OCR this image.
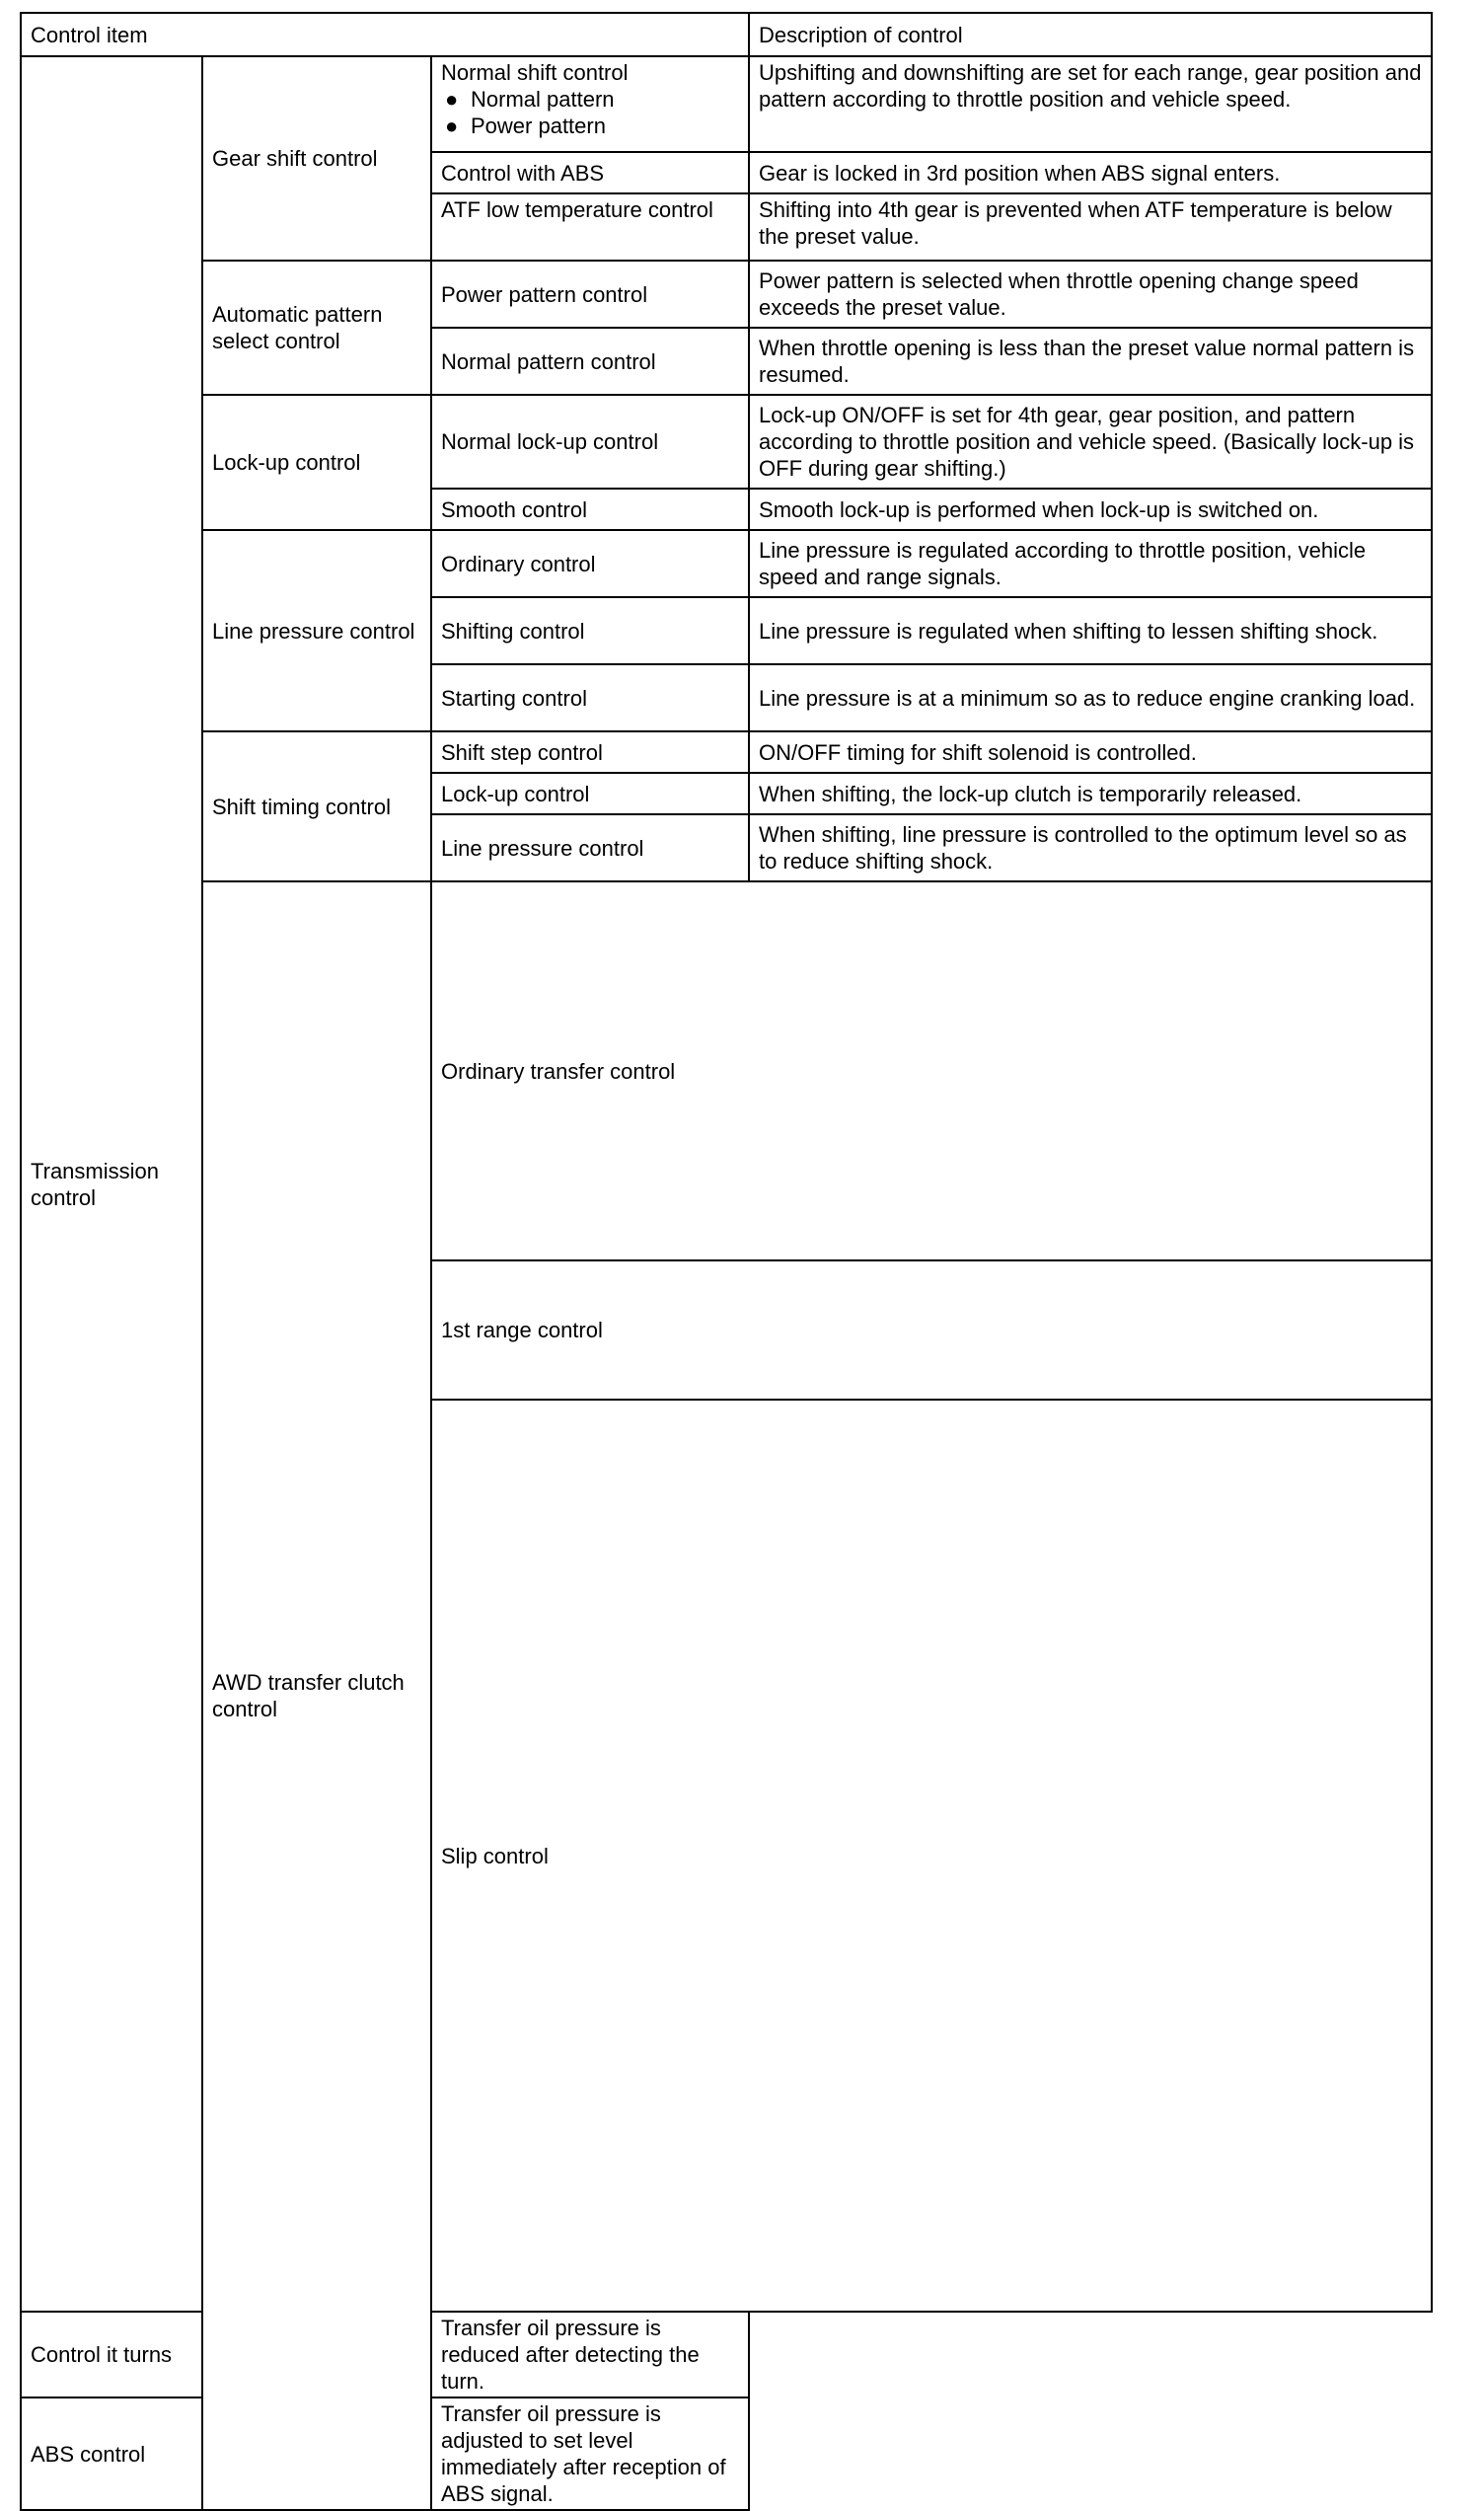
Control item			Description of control	
Transmission control	Gear shift control	Normal shift control
● Normal pattern
● Power pattern	Upshifting and downshifting are set for each range, gear position and pattern according to throttle position and vehicle speed.	
		Control with ABS	Gear is locked in 3rd position when ABS signal enters.	
		ATF low temperature control	Shifting into 4th gear is prevented when ATF temperature is below the preset value.	
	Automatic pattern select control	Power pattern control	Power pattern is selected when throttle opening change speed exceeds the preset value.	
		Normal pattern control	When throttle opening is less than the preset value normal pattern is resumed.	
	Lock-up control	Normal lock-up control	Lock-up ON/OFF is set for 4th gear, gear position, and pattern according to throttle position and vehicle speed. (Basically lock-up is OFF during gear shifting.)	
		Smooth control	Smooth lock-up is performed when lock-up is switched on.	
	Line pressure control	Ordinary control	Line pressure is regulated according to throttle position, vehicle speed and range signals.	
		Shifting control	Line pressure is regulated when shifting to lessen shifting shock.	
		Starting control	Line pressure is at a minimum so as to reduce engine cranking load.	
	Shift timing control	Shift step control	ON/OFF timing for shift solenoid is controlled.	
		Lock-up control	When shifting, the lock-up clutch is temporarily released.	
		Line pressure control	When shifting, line pressure is controlled to the optimum level so as to reduce shifting shock.	
	AWD transfer clutch control	Ordinary transfer control	
		1st range control	
		Slip control	
Control it turns		Transfer oil pressure is reduced after detecting the turn.		
ABS control		Transfer oil pressure is adjusted to set level immediately after reception of ABS signal.		
